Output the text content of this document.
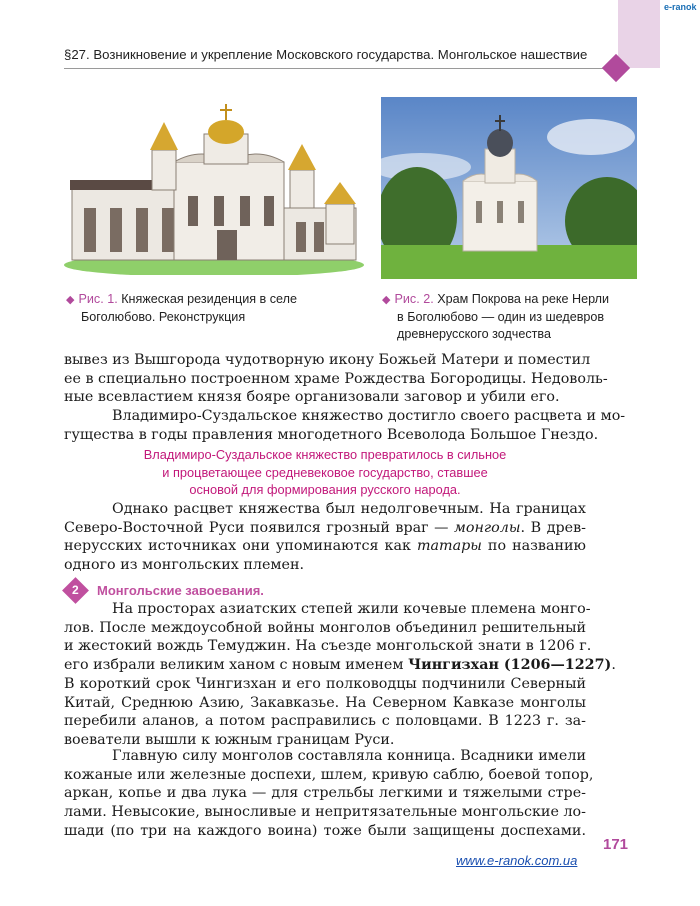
e-ranok
§27. Возникновение и укрепление Московского государства. Монгольское нашествие
◆ Рис. 1. Княжеская резиденция в селе
Боголюбово. Реконструкция
◆ Рис. 2. Храм Покрова на реке Нерли
в Боголюбово — один из шедевров
древнерусского зодчества
вывез из Вышгорода чудотворную икону Божьей Матери и поместил
ее в специально построенном храме Рождества Богородицы. Недоволь-
ные всевластием князя бояре организовали заговор и убили его.
Владимиро-Суздальское княжество достигло своего расцвета и мо-
гущества в годы правления многодетного Всеволода Большое Гнездо.
Владимиро-Суздальское княжество превратилось в сильное
и процветающее средневековое государство, ставшее
основой для формирования русского народа.
Однако расцвет княжества был недолговечным. На границах
Северо-Восточной Руси появился грозный враг — монголы. В древ-
нерусских источниках они упоминаются как татары по названию
одного из монгольских племен.
2 Монгольские завоевания.
На просторах азиатских степей жили кочевые племена монго-
лов. После междоусобной войны монголов объединил решительный
и жестокий вождь Темуджин. На съезде монгольской знати в 1206 г.
его избрали великим ханом с новым именем Чингизхан (1206—1227).
В короткий срок Чингизхан и его полководцы подчинили Северный
Китай, Среднюю Азию, Закавказье. На Северном Кавказе монголы
перебили аланов, а потом расправились с половцами. В 1223 г. за-
воеватели вышли к южным границам Руси.
Главную силу монголов составляла конница. Всадники имели
кожаные или железные доспехи, шлем, кривую саблю, боевой топор,
аркан, копье и два лука — для стрельбы легкими и тяжелыми стре-
лами. Невысокие, выносливые и непритязательные монгольские ло-
шади (по три на каждого воина) тоже были защищены доспехами.
171
www.e-ranok.com.ua
